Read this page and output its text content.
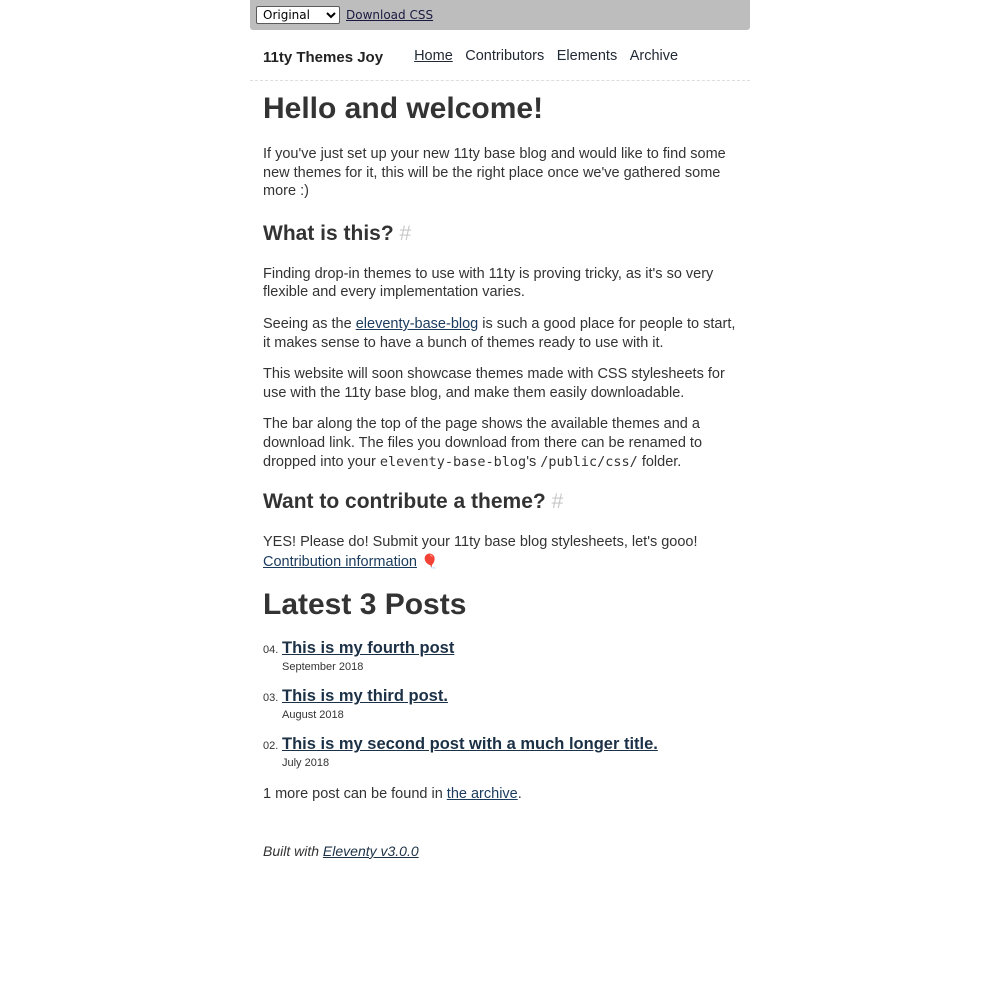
Original
Download CSS
11ty Themes Joy Home Contributors Elements Archive
Hello and welcome!

If you've just set up your new 11ty base blog and would like to find some new themes for it, this will be the right place once we've gathered some more :)

What is this? #

Finding drop-in themes to use with 11ty is proving tricky, as it's so very flexible and every implementation varies.

Seeing as the eleventy-base-blog is such a good place for people to start, it makes sense to have a bunch of themes ready to use with it.

This website will soon showcase themes made with CSS stylesheets for use with the 11ty base blog, and make them easily downloadable.

The bar along the top of the page shows the available themes and a download link. The files you download from there can be renamed to dropped into your eleventy-base-blog's /public/css/ folder.

Want to contribute a theme? #

YES! Please do! Submit your 11ty base blog stylesheets, let's gooo! Contribution information 🎈

Latest 3 Posts
04. This is my fourth post
September 2018
03. This is my third post.
August 2018
02. This is my second post with a much longer title.
July 2018

1 more post can be found in the archive.

Built with Eleventy v3.0.0
